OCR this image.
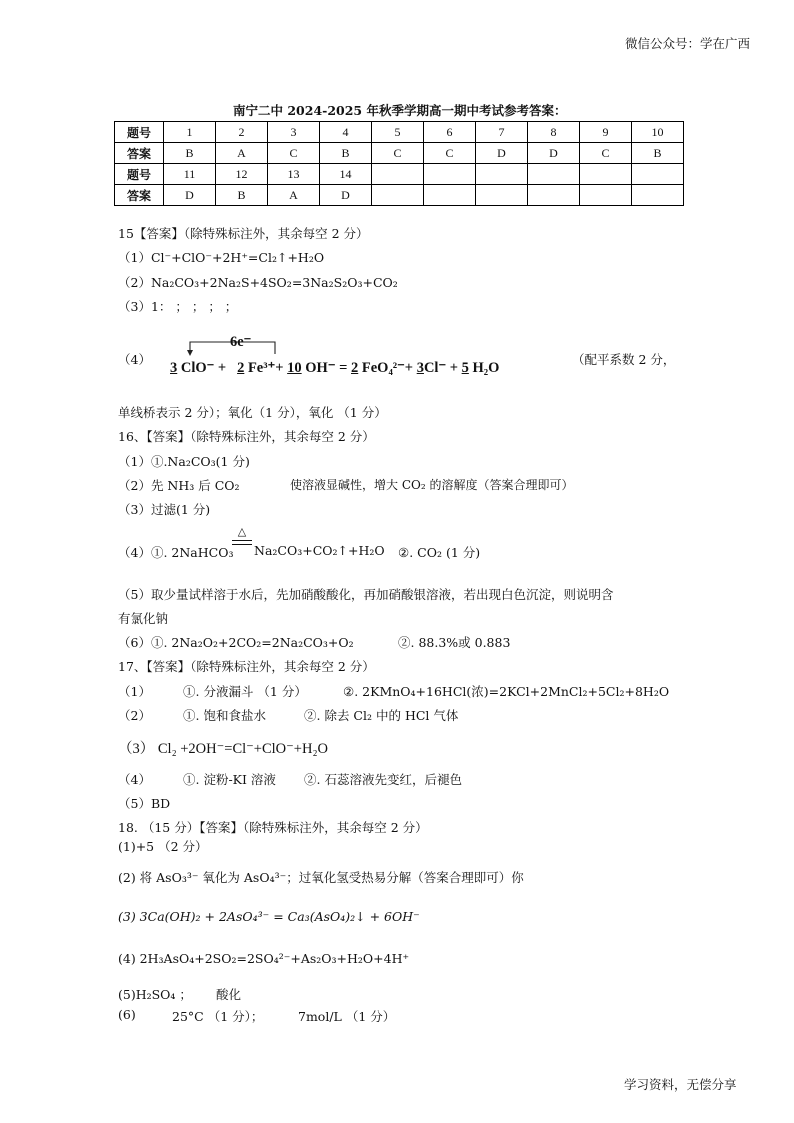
微信公众号：学在广西
南宁二中 2024-2025 年秋季学期高一期中考试参考答案：
题号	1	2	3	4	5	6	7	8	9	10
答案	B	A	C	B	C	C	D	D	C	B
题号	11	12	13	14						
答案	D	B	A	D						
15【答案】（除特殊标注外，其余每空 2 分）
（1）Cl⁻+ClO⁻+2H⁺=Cl₂↑+H₂O
（2）Na₂CO₃+2Na₂S+4SO₂=3Na₂S₂O₃+CO₂
（3）1： ； ； ； ；
（4）
6e⁻
3 ClO⁻ + 2 Fe³⁺+ 10 OH⁻ = 2 FeO₄²⁻+ 3Cl⁻ + 5 H₂O
（配平系数 2 分，
单线桥表示 2 分）；氧化（1 分），氧化 （1 分）
16、【答案】（除特殊标注外，其余每空 2 分）
（1）①.Na₂CO₃(1 分)
（2）先 NH₃ 后 CO₂	使溶液显碱性，增大 CO₂ 的溶解度（答案合理即可）
（3）过滤(1 分)
（4）①. 2NaHCO₃
△
Na₂CO₃+CO₂↑+H₂O ②. CO₂ (1 分)
（5）取少量试样溶于水后，先加硝酸酸化，再加硝酸银溶液，若出现白色沉淀，则说明含
有氯化钠
（6）①. 2Na₂O₂+2CO₂=2Na₂CO₃+O₂	②. 88.3%或 0.883
17、【答案】（除特殊标注外，其余每空 2 分）
（1）	①. 分液漏斗 （1 分）	②. 2KMnO₄+16HCl(浓)=2KCl+2MnCl₂+5Cl₂+8H₂O
（2）	①. 饱和食盐水	②. 除去 Cl₂ 中的 HCl 气体
（3） Cl₂ +2OH⁻=Cl⁻+ClO⁻+H₂O
（4）	①. 淀粉-KI 溶液 ②. 石蕊溶液先变红，后褪色
（5）BD
18. （15 分）【答案】（除特殊标注外，其余每空 2 分）
(1)+5 （2 分）
(2) 将 AsO₃³⁻ 氧化为 AsO₄³⁻；过氧化氢受热易分解（答案合理即可）你
(3) 3Ca(OH)₂ + 2AsO₄³⁻ = Ca₃(AsO₄)₂↓ + 6OH⁻
(4) 2H₃AsO₄+2SO₂=2SO₄²⁻+As₂O₃+H₂O+4H⁺
(5)H₂SO₄ ； 酸化
(6)	25°C （1 分）；	7mol/L （1 分）
学习资料，无偿分享
